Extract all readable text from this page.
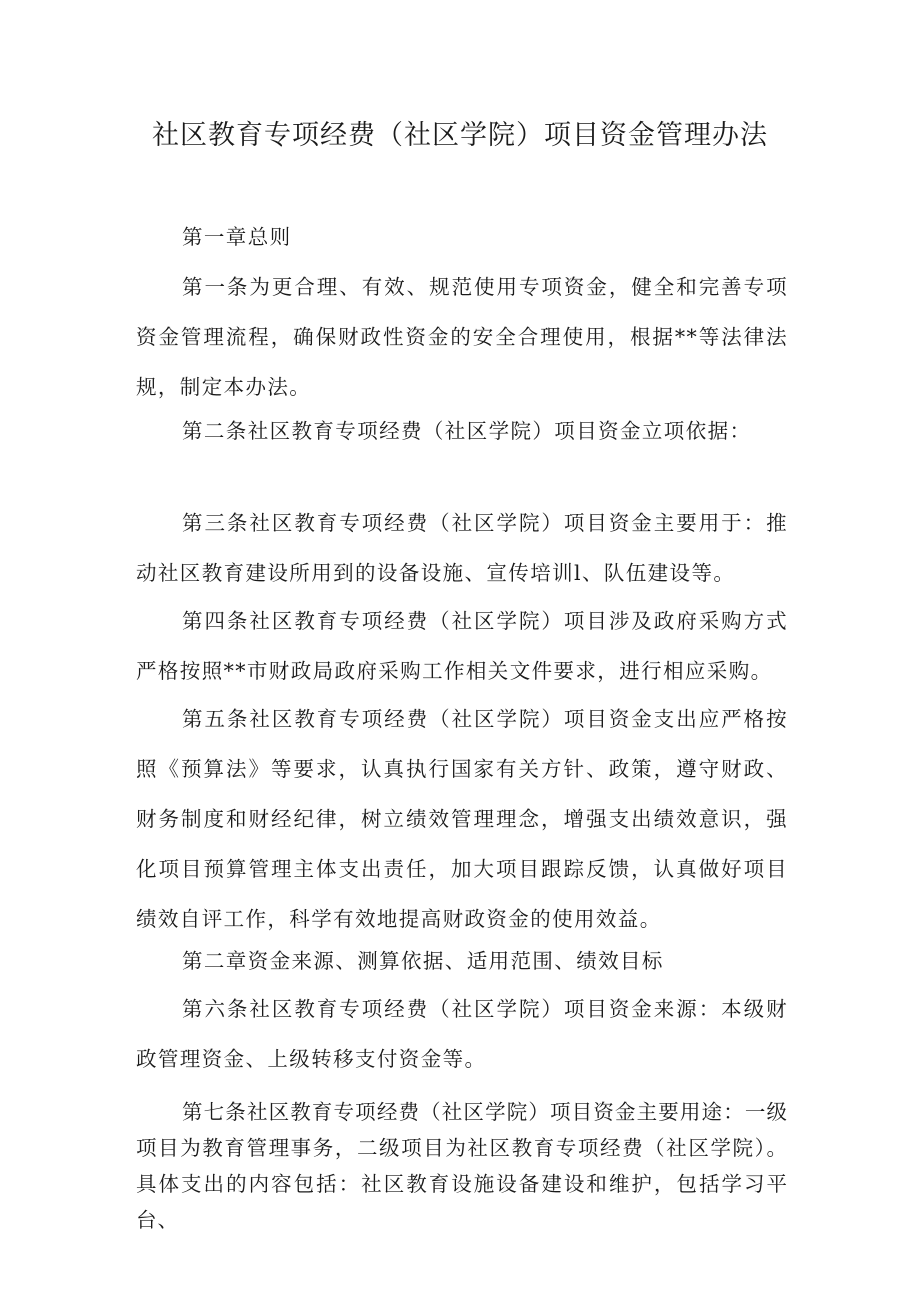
社区教育专项经费（社区学院）项目资金管理办法
第一章总则
第一条为更合理、有效、规范使用专项资金，健全和完善专项资金管理流程，确保财政性资金的安全合理使用，根据**等法律法规，制定本办法。
第二条社区教育专项经费（社区学院）项目资金立项依据：
第三条社区教育专项经费（社区学院）项目资金主要用于：推动社区教育建设所用到的设备设施、宣传培训l、队伍建设等。
第四条社区教育专项经费（社区学院）项目涉及政府采购方式严格按照**市财政局政府采购工作相关文件要求，进行相应采购。
第五条社区教育专项经费（社区学院）项目资金支出应严格按照《预算法》等要求，认真执行国家有关方针、政策，遵守财政、财务制度和财经纪律，树立绩效管理理念，增强支出绩效意识，强化项目预算管理主体支出责任，加大项目跟踪反馈，认真做好项目绩效自评工作，科学有效地提高财政资金的使用效益。
第二章资金来源、测算依据、适用范围、绩效目标
第六条社区教育专项经费（社区学院）项目资金来源：本级财政管理资金、上级转移支付资金等。
第七条社区教育专项经费（社区学院）项目资金主要用途：一级项目为教育管理事务，二级项目为社区教育专项经费（社区学院）。具体支出的内容包括：社区教育设施设备建设和维护，包括学习平台、
